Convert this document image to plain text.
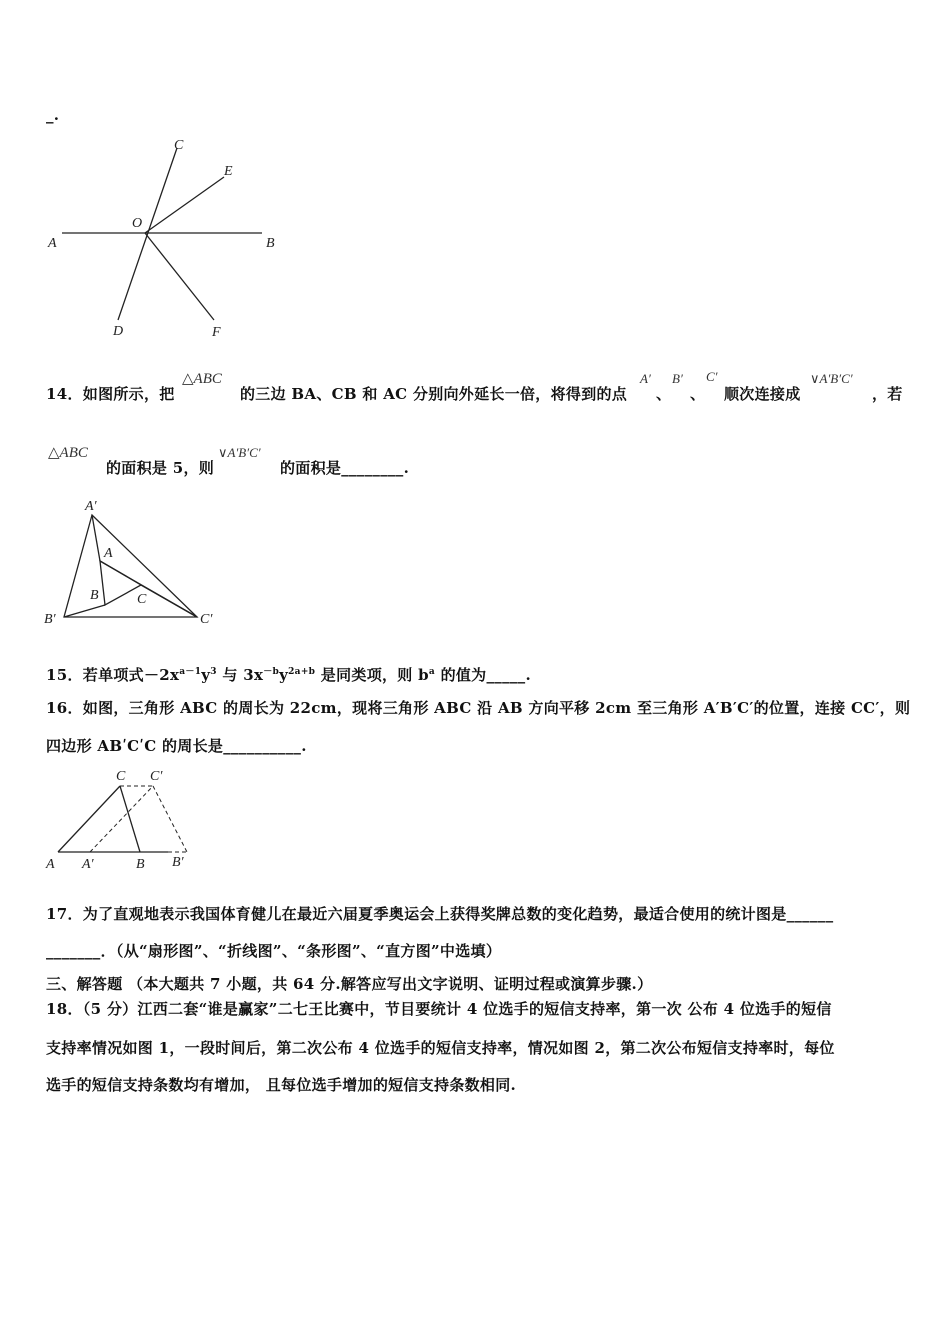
_.
A	B
C
D
E
F
O
14．如图所示，把
△ABC
的三边 BA、CB 和 AC 分别向外延长一倍，将得到的点
A′
、
B′
、
C′
顺次连接成
∨A′B′C′
，若
△ABC
的面积是 5，则
∨A′B′C′
的面积是________.
A′
A
B	C
B′	C′
15．若单项式$-2x^{a-1}y^3$ 与 $3x^{-b}y^{2a+b}$ 是同类项，则 $b^a$ 的值为_____.
16．如图，三角形 ABC 的周长为 22cm，现将三角形 ABC 沿 AB 方向平移 2cm 至三角形 A′B′C′的位置，连接 CC′，则
四边形 ABʹCʹC 的周长是__________.
C C′
A A′	B B′
17．为了直观地表示我国体育健儿在最近六届夏季奥运会上获得奖牌总数的变化趋势，最适合使用的统计图是______
_______．（从“扇形图”、“折线图”、“条形图”、“直方图”中选填）
三、解答题 （本大题共 7 小题，共 64 分.解答应写出文字说明、证明过程或演算步骤.）
18．（5 分）江西二套“谁是赢家”二七王比赛中，节目要统计 4 位选手的短信支持率，第一次 公布 4 位选手的短信
支持率情况如图 1，一段时间后，第二次公布 4 位选手的短信支持率，情况如图 2，第二次公布短信支持率时，每位
选手的短信支持条数均有增加， 且每位选手增加的短信支持条数相同.
